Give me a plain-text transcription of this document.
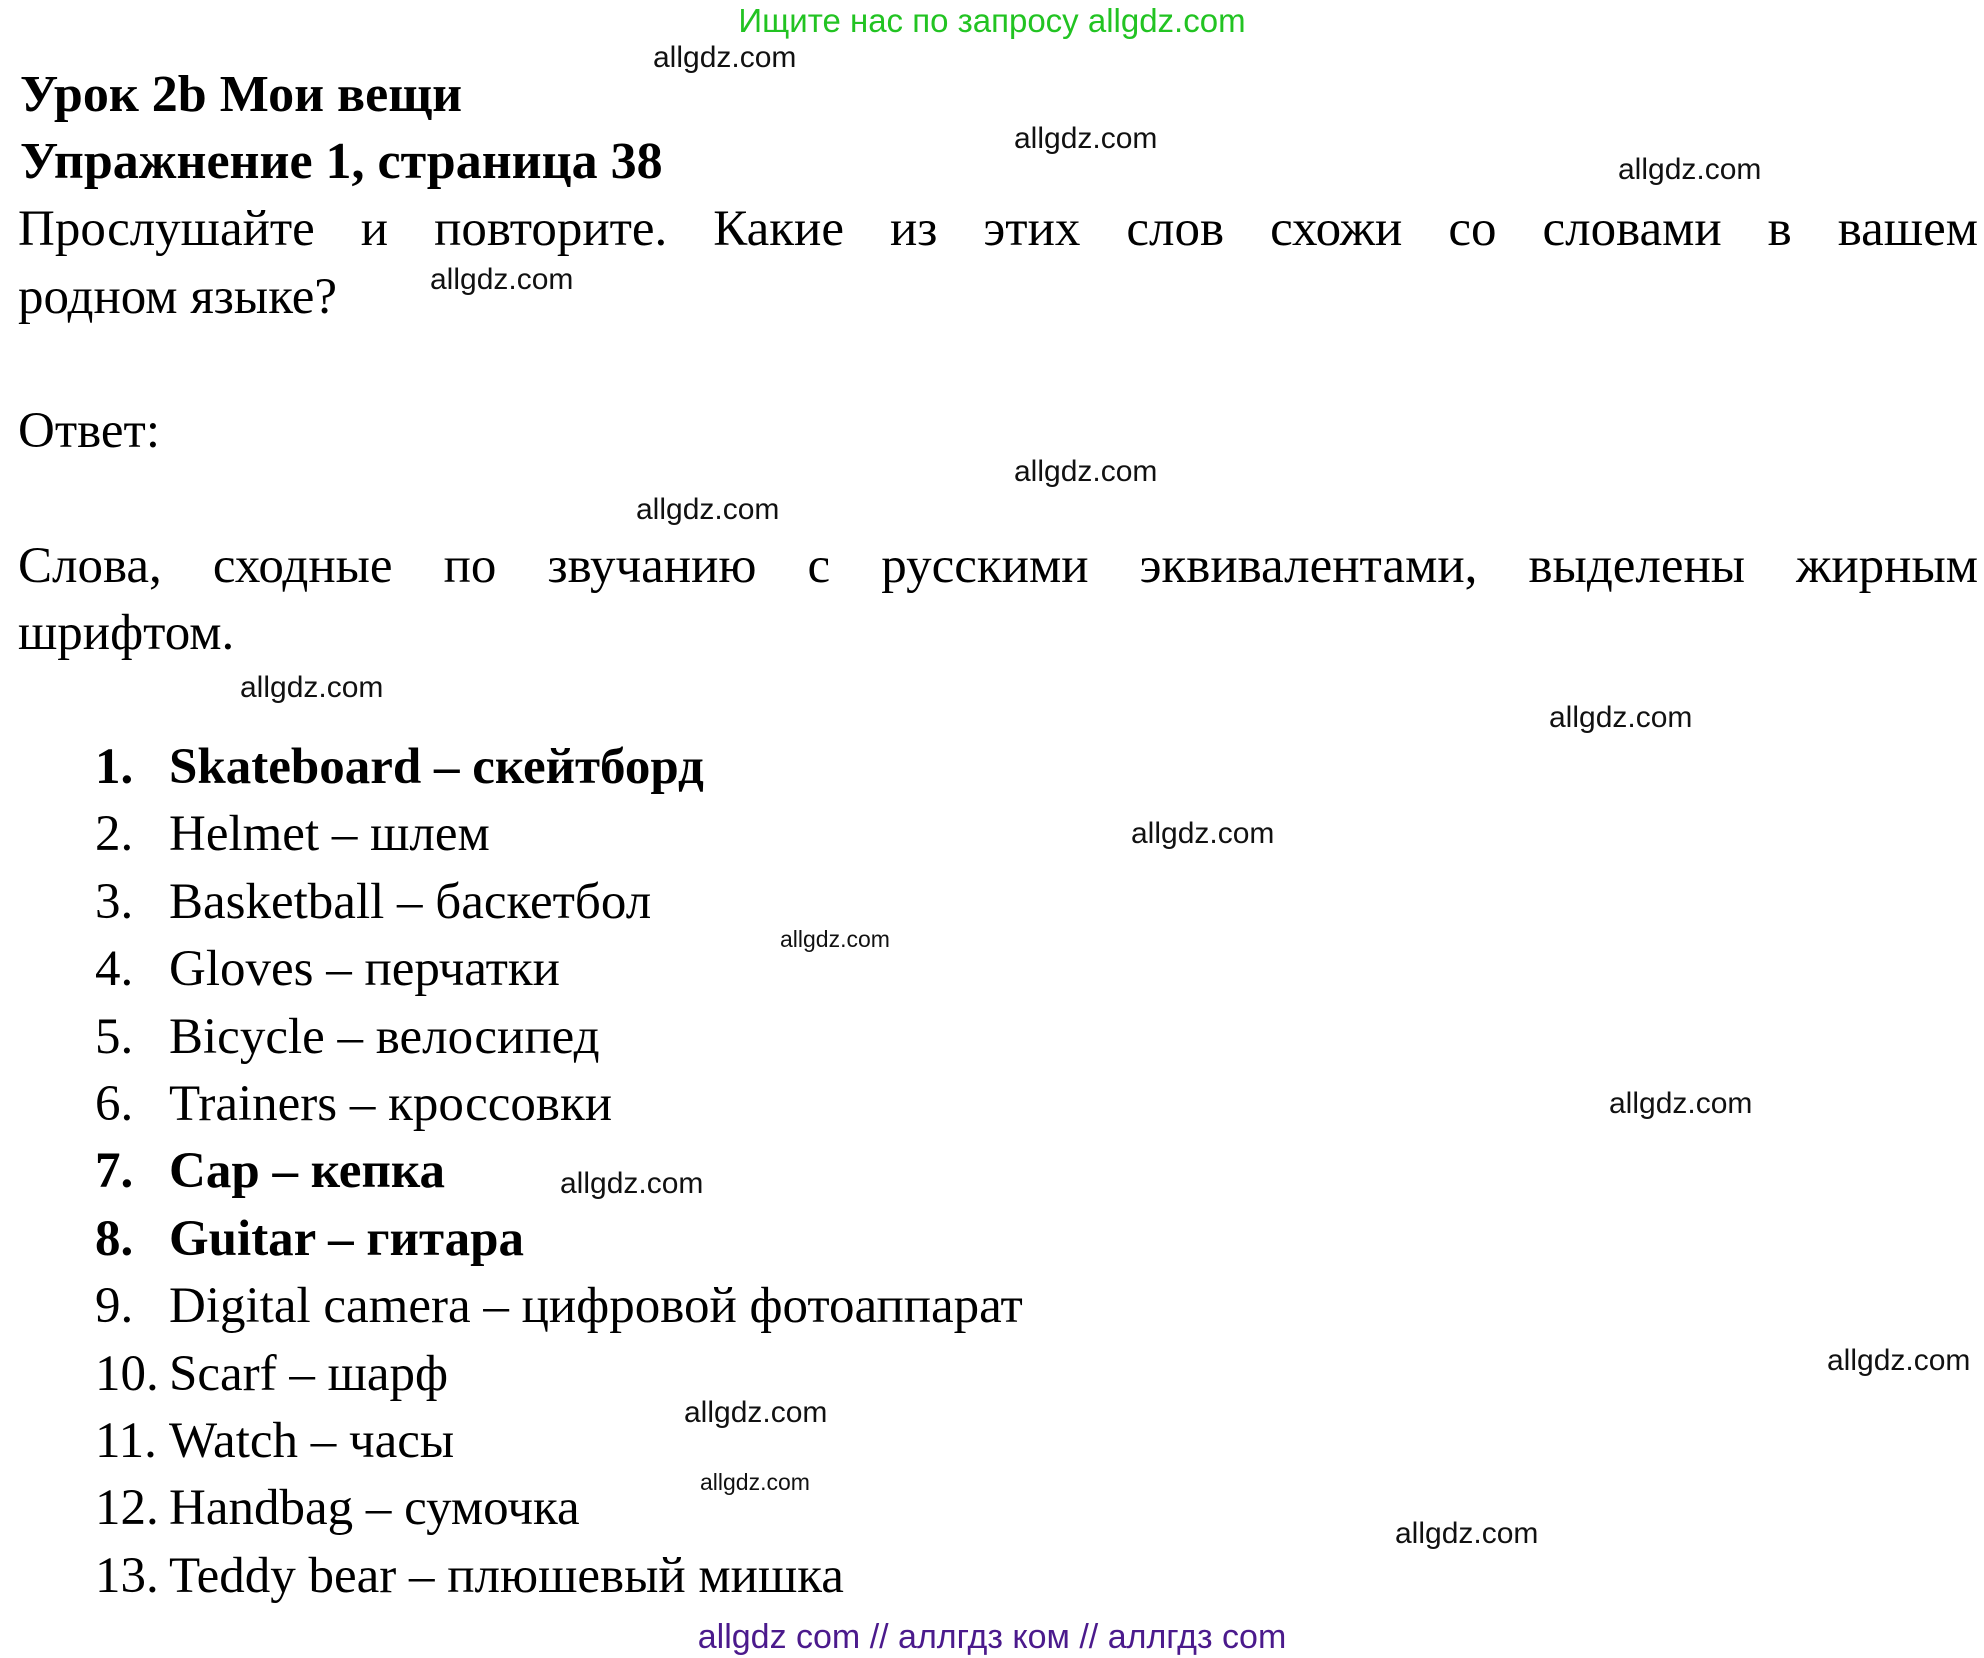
Ищите нас по запросу allgdz.com
Урок 2b Мои вещи
Упражнение 1, страница 38
Прослушайте и повторите. Какие из этих слов схожи со словами в вашем
родном языке?
Ответ:
Слова, сходные по звучанию с русскими эквивалентами, выделены жирным
шрифтом.
1. Skateboard – скейтборд
2. Helmet – шлем
3. Basketball – баскетбол
4. Gloves – перчатки
5. Bicycle – велосипед
6. Trainers – кроссовки
7. Cap – кепка
8. Guitar – гитара
9. Digital camera – цифровой фотоаппарат
10. Scarf – шарф
11. Watch – часы
12. Handbag – сумочка
13. Teddy bear – плюшевый мишка
allgdz.com
allgdz.com
allgdz.com
allgdz.com
allgdz.com
allgdz.com
allgdz.com
allgdz.com
allgdz.com
allgdz.com
allgdz.com
allgdz.com
allgdz.com
allgdz.com
allgdz.com
allgdz.com
allgdz com // аллгдз ком // аллгдз com
